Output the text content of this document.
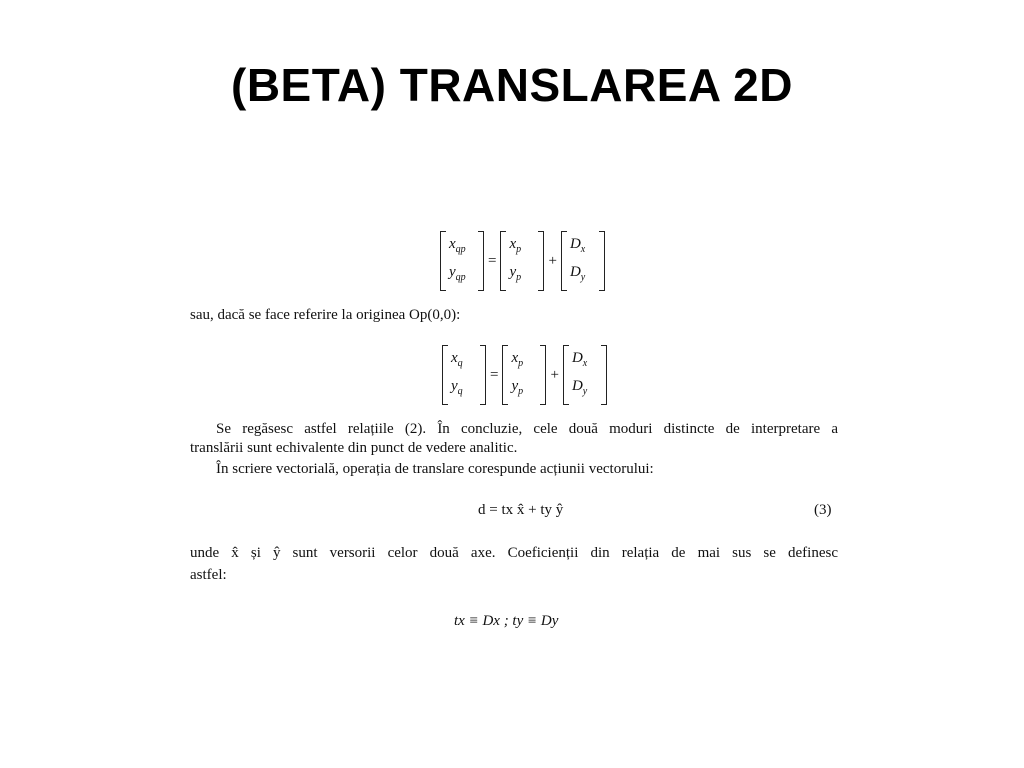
(BETA) TRANSLAREA 2D
$x_{qp}$
$y_{qp}$
=
$x_p$
$y_p$
+
$D_x$
$D_y$
sau, dacă se face referire la originea Op(0,0):
$x_q$
$y_q$
=
$x_p$
$y_p$
+
$D_x$
$D_y$
Se regăsesc astfel relațiile (2). În concluzie, cele două moduri distincte de interpretare a
translării sunt echivalente din punct de vedere analitic.
În scriere vectorială, operația de translare corespunde acțiunii vectorului:
d = tx x̂ + ty ŷ	(3)
unde x̂ și ŷ sunt versorii celor două axe. Coeficienții din relația de mai sus se definesc
astfel:
tx ≡ Dx ; ty ≡ Dy
